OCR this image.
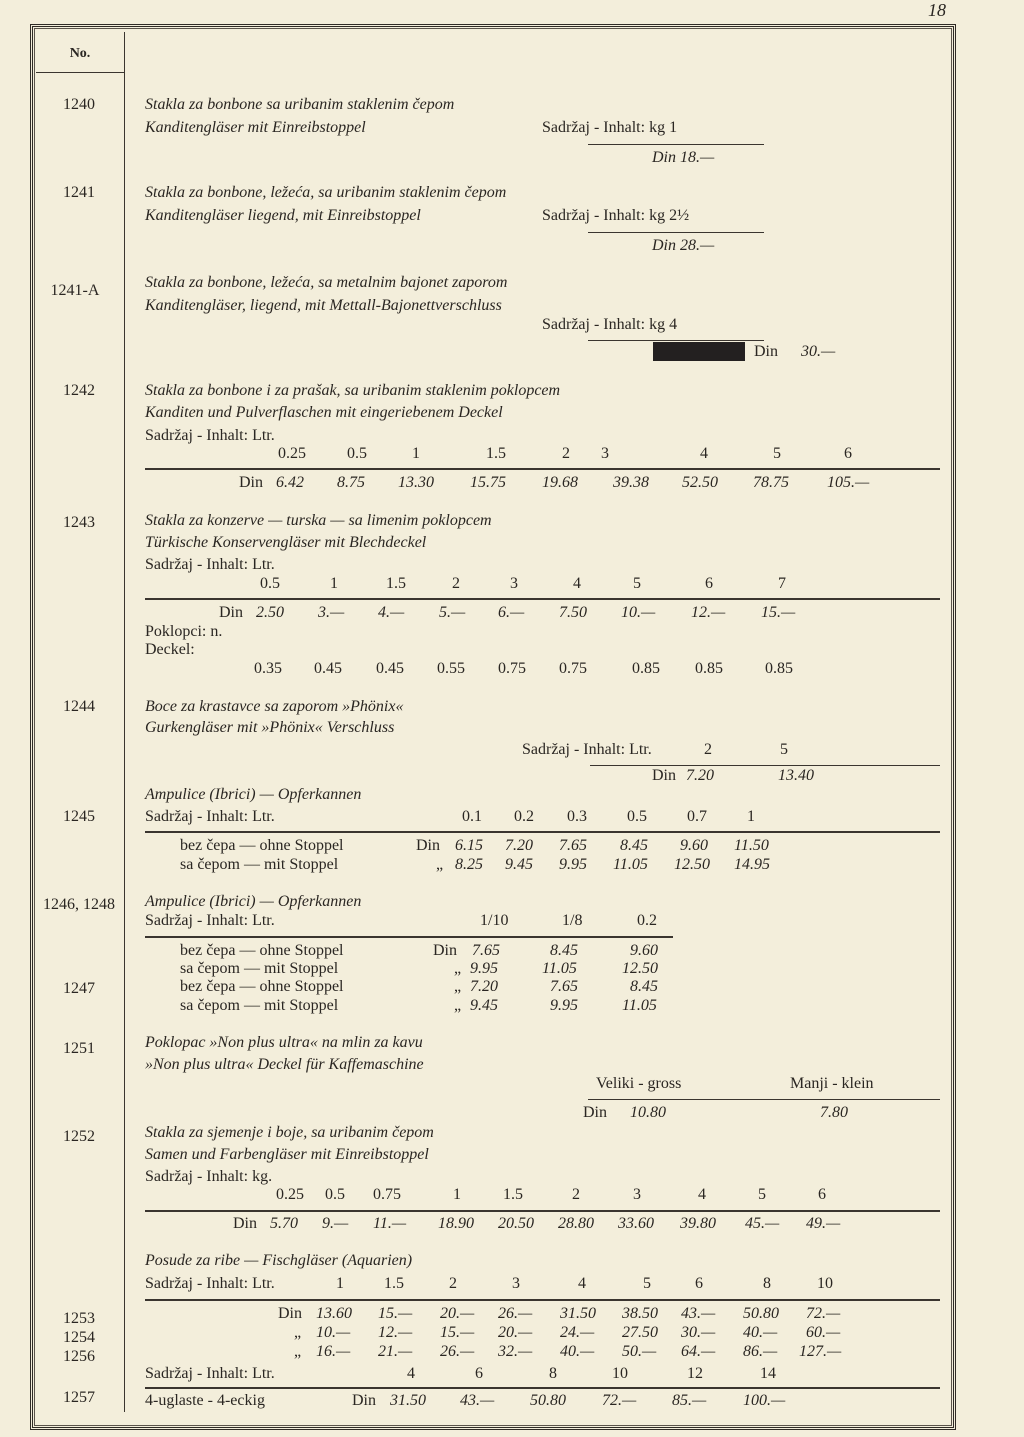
18
No.
1240	Stakla za bonbone sa uribanim staklenim čepom
Kanditengläser mit Einreibstoppel	Sadržaj - Inhalt: kg 1
Din 18.—
1241	Stakla za bonbone, ležeća, sa uribanim staklenim čepom
Kanditengläser liegend, mit Einreibstoppel	Sadržaj - Inhalt: kg 2½
Din 28.—
1241-A	Stakla za bonbone, ležeća, sa metalnim bajonet zaporom
Kanditengläser, liegend, mit Mettall-Bajonettverschluss
Sadržaj - Inhalt: kg 4
Din 30.—
1242	Stakla za bonbone i za prašak, sa uribanim staklenim poklopcem
Kanditen und Pulverflaschen mit eingeriebenem Deckel
Sadržaj - Inhalt: Ltr.
0.25	0.5	1	1.5	2	3	4	5	6
Din 6.42 8.75 13.30 15.75 19.68 39.38 52.50 78.75 105.—
1243	Stakla za konzerve — turska — sa limenim poklopcem
Türkische Konservengläser mit Blechdeckel
Sadržaj - Inhalt: Ltr.
0.5	1	1.5	2	3	4	5	6	7
Din 2.50 3.— 4.— 5.— 6.— 7.50 10.— 12.— 15.—
Poklopci: n.
Deckel:
0.35 0.45 0.45 0.55 0.75 0.75	0.85 0.85	0.85
1244	Boce za krastavce sa zaporom »Phönix«
Gurkengläser mit »Phönix« Verschluss
Sadržaj - Inhalt: Ltr.	2	5
Din 7.20	13.40
Ampulice (Ibrici) — Opferkannen
1245	Sadržaj - Inhalt: Ltr.	0.1 0.2 0.3	0.5	0.7	1
bez čepa — ohne Stoppel	Din 6.15 7.20 7.65 8.45 9.60 11.50
sa čepom — mit Stoppel	„ 8.25 9.45 9.95 11.05 12.50 14.95
1246, 1248	Ampulice (Ibrici) — Opferkannen
Sadržaj - Inhalt: Ltr.	1/10	1/8	0.2
bez čepa — ohne Stoppel	Din 7.65	8.45	9.60
sa čepom — mit Stoppel	„ 9.95	11.05	12.50
1247	bez čepa — ohne Stoppel	„ 7.20	7.65	8.45
sa čepom — mit Stoppel	„ 9.45	9.95	11.05
1251	Poklopac »Non plus ultra« na mlin za kavu
»Non plus ultra« Deckel für Kaffemaschine
Veliki - gross	Manji - klein
Din 10.80	7.80
1252	Stakla za sjemenje i boje, sa uribanim čepom
Samen und Farbengläser mit Einreibstoppel
Sadržaj - Inhalt: kg.
0.25 0.5 0.75	1	1.5	2	3	4	5	6
Din 5.70 9.— 11.— 18.90 20.50 28.80 33.60 39.80 45.— 49.—
Posude za ribe — Fischgläser (Aquarien)
Sadržaj - Inhalt: Ltr.	1	1.5	2	3	4	5	6	8	10
1253	Din 13.60 15.— 20.— 26.— 31.50 38.50 43.— 50.80 72.—
1254	„ 10.— 12.— 15.— 20.— 24.— 27.50 30.— 40.— 60.—
1256	„ 16.— 21.— 26.— 32.— 40.— 50.— 64.— 86.— 127.—
Sadržaj - Inhalt: Ltr.	4	6	8	10	12	14
1257	4-uglaste - 4-eckig	Din 31.50 43.— 50.80 72.— 85.— 100.—
